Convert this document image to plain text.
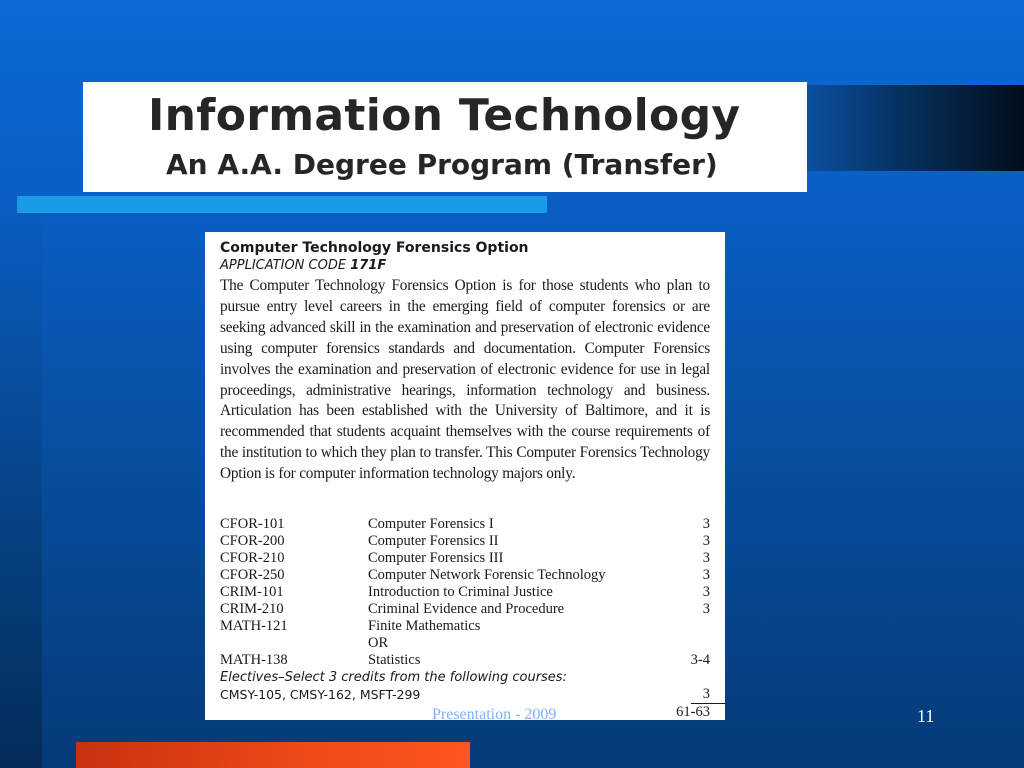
Information Technology
An A.A. Degree Program (Transfer)
Computer Technology Forensics Option
APPLICATION CODE 171F
The Computer Technology Forensics Option is for those students who plan to pursue entry level careers in the emerging field of computer forensics or are seeking advanced skill in the examination and preservation of electronic evidence using computer forensics standards and documentation. Computer Forensics involves the examination and preservation of electronic evidence for use in legal proceedings, administrative hearings, information technology and business. Articulation has been established with the University of Baltimore, and it is recommended that students acquaint themselves with the course requirements of the institution to which they plan to transfer. This Computer Forensics Technology Option is for computer information technology majors only.
CFOR-101	Computer Forensics I	3
CFOR-200	Computer Forensics II	3
CFOR-210	Computer Forensics III	3
CFOR-250	Computer Network Forensic Technology	3
CRIM-101	Introduction to Criminal Justice	3
CRIM-210	Criminal Evidence and Procedure	3
MATH-121	Finite Mathematics
OR
MATH-138	Statistics	3-4
Electives–Select 3 credits from the following courses:
CMSY-105, CMSY-162, MSFT-299	3
61-63
Presentation - 2009	11
